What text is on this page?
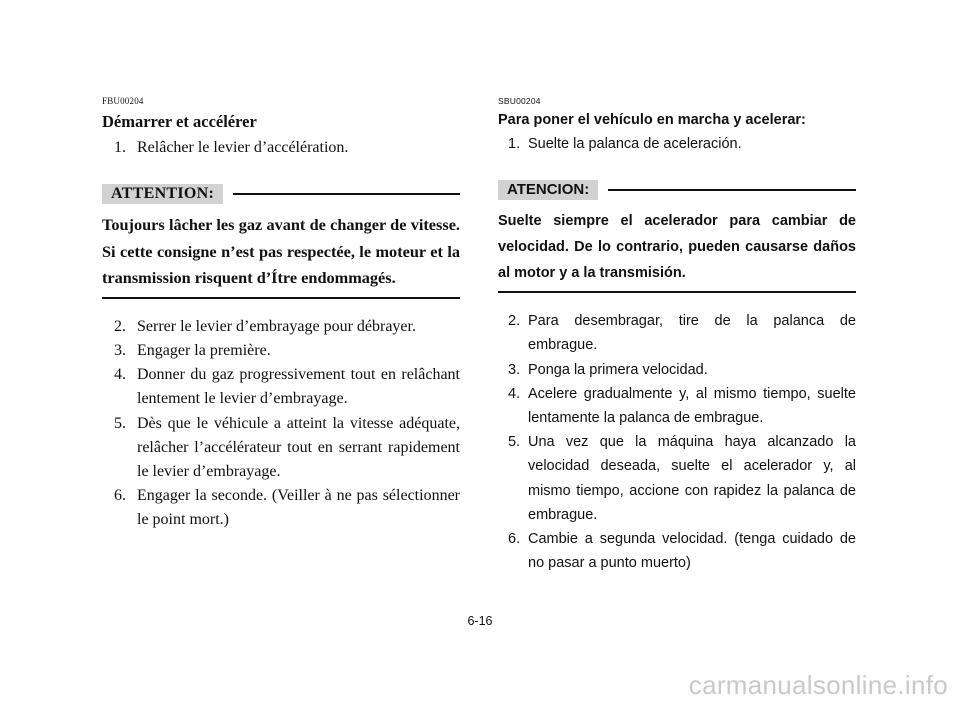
FBU00204
Démarrer et accélérer
1. Relâcher le levier d’accélération.
ATTENTION:
Toujours lâcher les gaz avant de changer de vitesse. Si cette consigne n’est pas respectée, le moteur et la transmission risquent d’Ítre endommagés.
2. Serrer le levier d’embrayage pour débrayer.
3. Engager la première.
4. Donner du gaz progressivement tout en relâchant lentement le levier d’embrayage.
5. Dès que le véhicule a atteint la vitesse adéquate, relâcher l’accélérateur tout en serrant rapidement le levier d’embrayage.
6. Engager la seconde. (Veiller à ne pas sélectionner le point mort.)
SBU00204
Para poner el vehículo en marcha y acelerar:
1. Suelte la palanca de aceleración.
ATENCION:
Suelte siempre el acelerador para cambiar de velocidad. De lo contrario, pueden causarse daños al motor y a la transmisión.
2. Para desembragar, tire de la palanca de embrague.
3. Ponga la primera velocidad.
4. Acelere gradualmente y, al mismo tiempo, suelte lentamente la palanca de embrague.
5. Una vez que la máquina haya alcanzado la velocidad deseada, suelte el acelerador y, al mismo tiempo, accione con rapidez la palanca de embrague.
6. Cambie a segunda velocidad. (tenga cuidado de no pasar a punto muerto)
6-16
carmanualsonline.info
